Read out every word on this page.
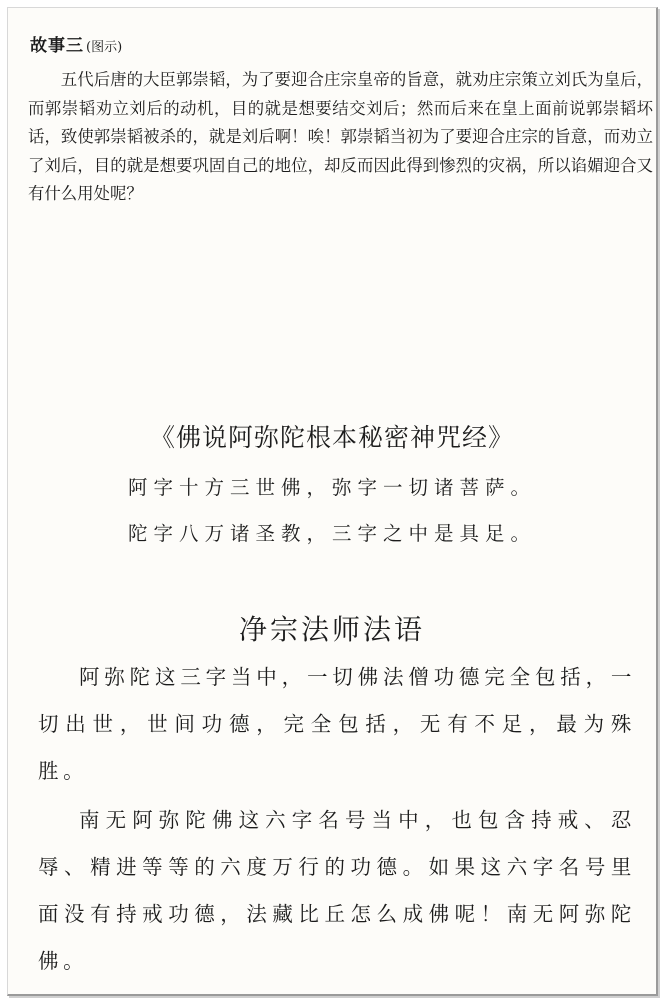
故事三 (图示)

五代后唐的大臣郭崇韬，为了要迎合庄宗皇帝的旨意，就劝庄宗策立刘氏为皇后，而郭崇韬劝立刘后的动机，目的就是想要结交刘后；然而后来在皇上面前说郭崇韬坏话，致使郭崇韬被杀的，就是刘后啊！唉！郭崇韬当初为了要迎合庄宗的旨意，而劝立了刘后，目的就是想要巩固自己的地位，却反而因此得到惨烈的灾祸，所以谄媚迎合又有什么用处呢？

《佛说阿弥陀根本秘密神咒经》
阿字十方三世佛，弥字一切诸菩萨。
陀字八万诸圣教，三字之中是具足。
净宗法师法语

阿弥陀这三字当中，一切佛法僧功德完全包括，一切出世，世间功德，完全包括，无有不足，最为殊胜。

南无阿弥陀佛这六字名号当中，也包含持戒、忍辱、精进等等的六度万行的功德。如果这六字名号里面没有持戒功德，法藏比丘怎么成佛呢！南无阿弥陀佛。
